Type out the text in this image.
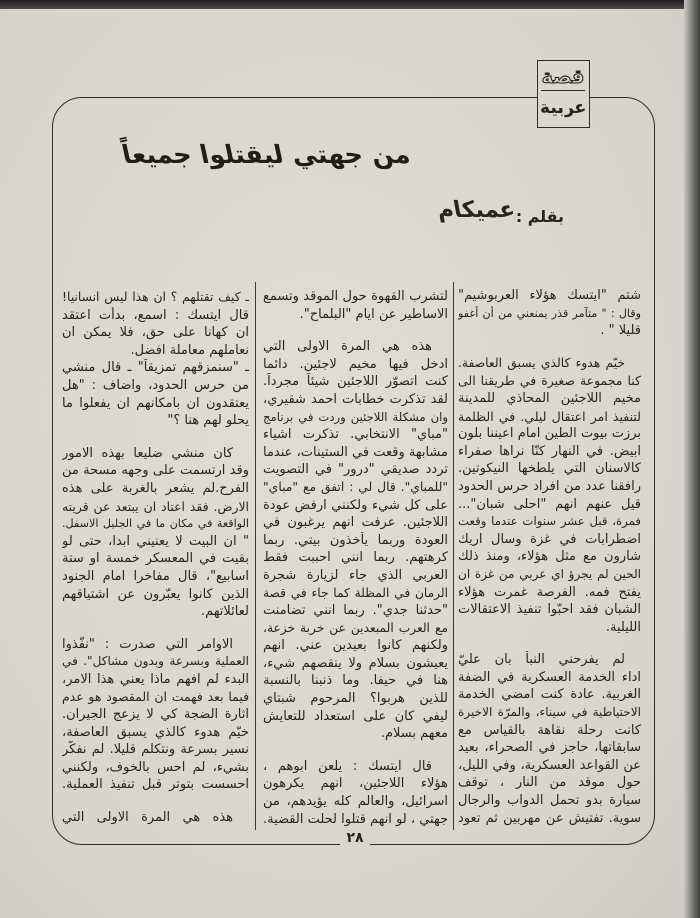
قصة
عربية
من جهتي ليقتلوا جميعاً
بقلم :
عميكام
شتم "ايتسك هؤلاء العربوشيم"
وقال : " متآمر قذر يمنعني من أن أغفو
قليلا " .
خيّم هدوء كالذي يسبق العاصفة.
كنا مجموعة صغيرة في طريقنا الى
مخيم اللاجئين المحاذي للمدينة
لتنفيذ امر اعتقال ليلي. في الظلمة
برزت بيوت الطين امام اعيننا بلون
ابيض. في النهار كنّا نراها صفراء
كالاسنان التي يلطخها النيكوتين.
رافقنا عدد من افراد حرس الحدود
قيل عنهم انهم "احلى شبان"...
فمرة، قبل عشر سنوات عندما وقعت
اضطرابات في غزة وسال اريك
شارون مع مثل هؤلاء، ومنذ ذلك
الحين لم يجرؤ اي عربي من غزة ان
يفتح فمه. الفرصة غمرت هؤلاء
الشبان فقد احبّوا تنفيذ الاعتقالات
الليلية.
لم يفرحني النبأ بان عليّ
اداء الخدمة العسكرية في الضفة
الغربية. عادة كنت امضي الخدمة
الاحتياطية في سيناء، والمرّة الاخيرة
كانت رحلة نقاهة بالقياس مع
سابقاتها، حاجز في الصحراء، بعيد
عن القواعد العسكرية، وفي الليل،
حول موقد من النار ، توقف
سيارة بدو تحمل الدواب والرجال
سوية. تفتيش عن مهربين ثم تعود
لتشرب القهوة حول الموقد وتسمع
الاساطير عن ايام "البلماح".
هذه هي المرة الاولى التي
ادخل فيها مخيم لاجئين. دائما
كنت اتصوّر اللاجئين شيئاً مجرداً.
لقد تذكرت خطابات احمد شقيري،
وان مشكلة اللاجئين وردت في برنامج
"مباي" الانتخابي. تذكرت اشياء
مشابهة وقعت في الستينات، عندما
تردد صديقي "درور" في التصويت
"للمباي". قال لي : اتفق مع "مباي"
على كل شيء ولكنني ارفض عودة
اللاجئين. عرفت انهم يرغبون في
العودة وربما يأخذون بيتي. ربما
كرهتهم. ربما انني احببت فقط
العربي الذي جاء لزيارة شجرة
الرمان في المظلة كما جاء في قصة
"حدثنا جدي". ربما انني تضامنت
مع العرب المبعدين عن خربة خزعة،
ولكنهم كانوا بعيدين عني. انهم
يعيشون بسلام ولا ينقصهم شيء،
هنا في حيفا. وما ذنبنا بالنسبة
للذين هربوا؟ المرحوم شبتاي
ليفي كان على استعداد للتعايش
معهم بسلام.
قال ايتسك : يلعن ابوهم ،
هؤلاء اللاجئين، انهم يكرهون
اسرائيل، والعالم كله يؤيدهم، من
جهتي ، لو انهم قتلوا لحلت القضية.
ـ كيف تقتلهم ؟ ان هذا ليس انسانيا!
قال ايتسك : اسمع، بدأت اعتقد
ان كهانا على حق، فلا يمكن ان
نعاملهم معاملة افضل.
ـ "سنمزقهم تمزيقاً" ـ قال منشي
من حرس الحدود، واضاف : "هل
يعتقدون ان بامكانهم ان يفعلوا ما
يحلو لهم هنا ؟"
كان منشي ضليعا بهذه الامور
وقد ارتسمت على وجهه مسحة من
الفرح.لم يشعر بالغربة على هذه
الارض. فقد اعتاد ان يبتعد عن قريته
الواقعة في مكان ما في الجليل الاسفل.
" ان البيت لا يعنيني ابدا، حتى لو
بقيت في المعسكر خمسة او ستة
اسابيع"، قال مفاخرا امام الجنود
الذين كانوا يعبّرون عن اشتياقهم
لعائلاتهم.
الاوامر التي صدرت : "نفّذوا
العملية وبسرعة وبدون مشاكل". في
البدء لم افهم ماذا يعني هذا الامر،
فيما بعد فهمت ان المقصود هو عدم
اثارة الضجة كي لا يزعج الجيران.
خيّم هدوء كالذي يسبق العاصفة،
نسير بسرعة ونتكلم قليلا. لم نفكّر
بشيء، لم احس بالخوف، ولكنني
احسست بتوتر قبل تنفيذ العملية.
هذه هي المرة الاولى التي
٢٨
